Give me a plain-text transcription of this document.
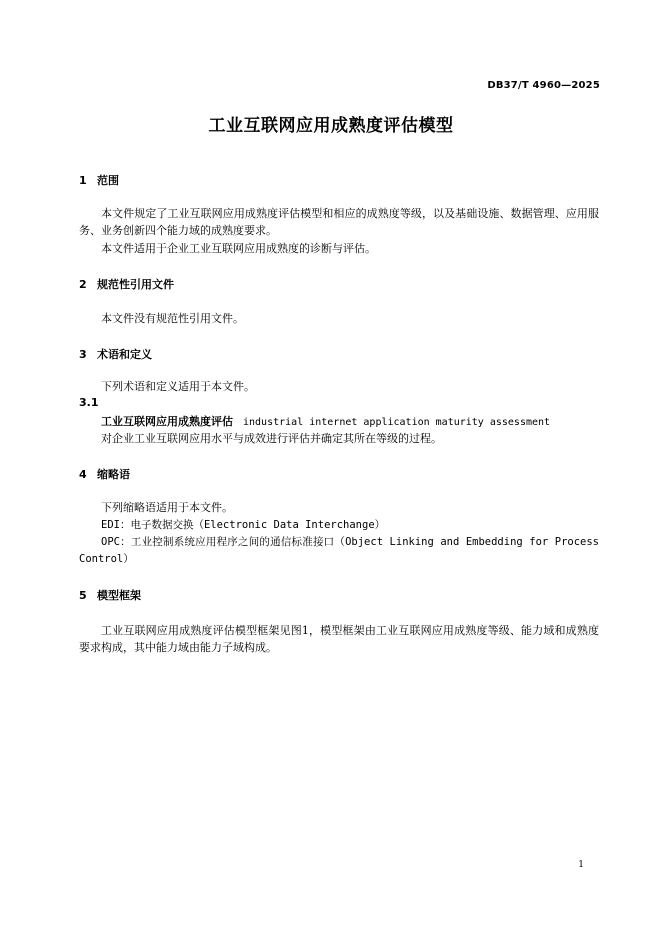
DB37/T 4960—2025
工业互联网应用成熟度评估模型
1 范围
本文件规定了工业互联网应用成熟度评估模型和相应的成熟度等级，以及基础设施、数据管理、应用服务、业务创新四个能力域的成熟度要求。
本文件适用于企业工业互联网应用成熟度的诊断与评估。
2 规范性引用文件
本文件没有规范性引用文件。
3 术语和定义
下列术语和定义适用于本文件。
3.1
工业互联网应用成熟度评估 industrial internet application maturity assessment
对企业工业互联网应用水平与成效进行评估并确定其所在等级的过程。
4 缩略语
下列缩略语适用于本文件。
EDI：电子数据交换（Electronic Data Interchange）
OPC：工业控制系统应用程序之间的通信标准接口（Object Linking and Embedding for Process Control）
5 模型框架
工业互联网应用成熟度评估模型框架见图1，模型框架由工业互联网应用成熟度等级、能力域和成熟度要求构成，其中能力域由能力子域构成。
1
